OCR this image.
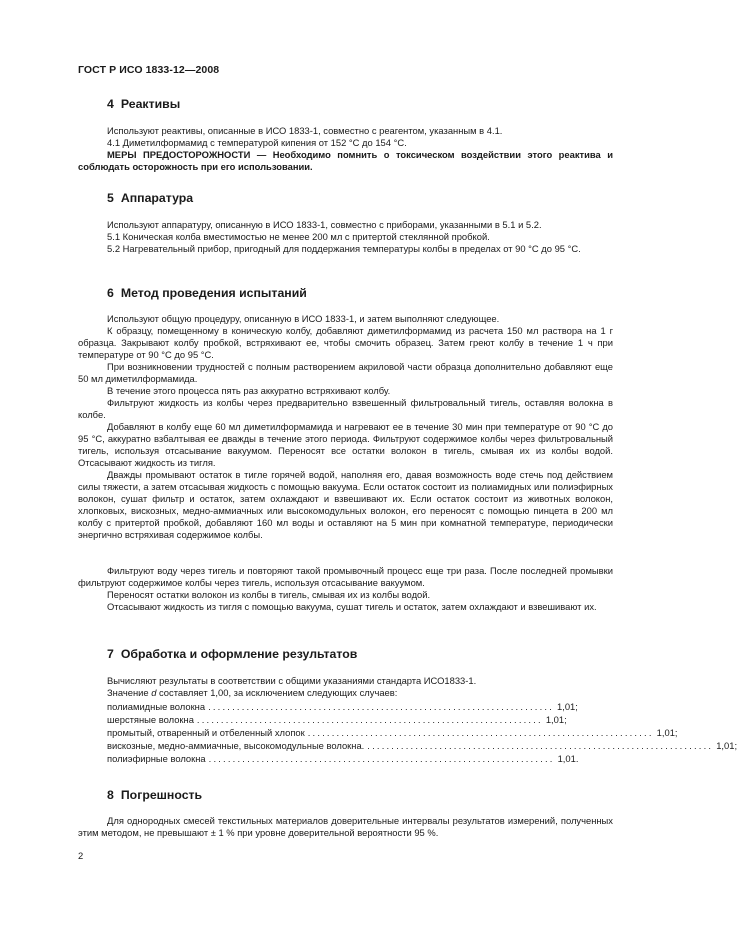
ГОСТ Р ИСО 1833-12—2008
4 Реактивы

Используют реактивы, описанные в ИСО 1833-1, совместно с реагентом, указанным в 4.1.

4.1 Диметилформамид с температурой кипения от 152 °С до 154 °С.

МЕРЫ ПРЕДОСТОРОЖНОСТИ — Необходимо помнить о токсическом воздействии этого реактива и соблюдать осторожность при его использовании.

5 Аппаратура

Используют аппаратуру, описанную в ИСО 1833-1, совместно с приборами, указанными в 5.1 и 5.2.

5.1 Коническая колба вместимостью не менее 200 мл с притертой стеклянной пробкой.

5.2 Нагревательный прибор, пригодный для поддержания температуры колбы в пределах от 90 °С до 95 °С.

6 Метод проведения испытаний

Используют общую процедуру, описанную в ИСО 1833-1, и затем выполняют следующее.

К образцу, помещенному в коническую колбу, добавляют диметилформамид из расчета 150 мл раствора на 1 г образца. Закрывают колбу пробкой, встряхивают ее, чтобы смочить образец. Затем греют колбу в течение 1 ч при температуре от 90 °С до 95 °С.

При возникновении трудностей с полным растворением акриловой части образца дополнительно добавляют еще 50 мл диметилформамида.

В течение этого процесса пять раз аккуратно встряхивают колбу.

Фильтруют жидкость из колбы через предварительно взвешенный фильтровальный тигель, оставляя волокна в колбе.

Добавляют в колбу еще 60 мл диметилформамида и нагревают ее в течение 30 мин при температуре от 90 °С до 95 °С, аккуратно взбалтывая ее дважды в течение этого периода. Фильтруют содержимое колбы через фильтровальный тигель, используя отсасывание вакуумом. Переносят все остатки волокон в тигель, смывая их из колбы водой. Отсасывают жидкость из тигля.

Дважды промывают остаток в тигле горячей водой, наполняя его, давая возможность воде стечь под действием силы тяжести, а затем отсасывая жидкость с помощью вакуума. Если остаток состоит из полиамидных или полиэфирных волокон, сушат фильтр и остаток, затем охлаждают и взвешивают их. Если остаток состоит из животных волокон, хлопковых, вискозных, медно-аммиачных или высокомодульных волокон, его переносят с помощью пинцета в 200 мл колбу с притертой пробкой, добавляют 160 мл воды и оставляют на 5 мин при комнатной температуре, периодически энергично встряхивая содержимое колбы.

Фильтруют воду через тигель и повторяют такой промывочный процесс еще три раза. После последней промывки фильтруют содержимое колбы через тигель, используя отсасывание вакуумом.

Переносят остатки волокон из колбы в тигель, смывая их из колбы водой.

Отсасывают жидкость из тигля с помощью вакуума, сушат тигель и остаток, затем охлаждают и взвешивают их.

7 Обработка и оформление результатов

Вычисляют результаты в соответствии с общими указаниями стандарта ИСО1833-1.

Значение d составляет 1,00, за исключением следующих случаев:

полиамидные волокна ........................................................................ 1,01;
шерстяные волокна ........................................................................ 1,01;
промытый, отваренный и отбеленный хлопок ........................................................................ 1,01;
вискозные, медно-аммиачные, высокомодульные волокна. ........................................................................ 1,01;
полиэфирные волокна ........................................................................ 1,01.
8 Погрешность

Для однородных смесей текстильных материалов доверительные интервалы результатов измерений, полученных этим методом, не превышают ± 1 % при уровне доверительной вероятности 95 %.

2
